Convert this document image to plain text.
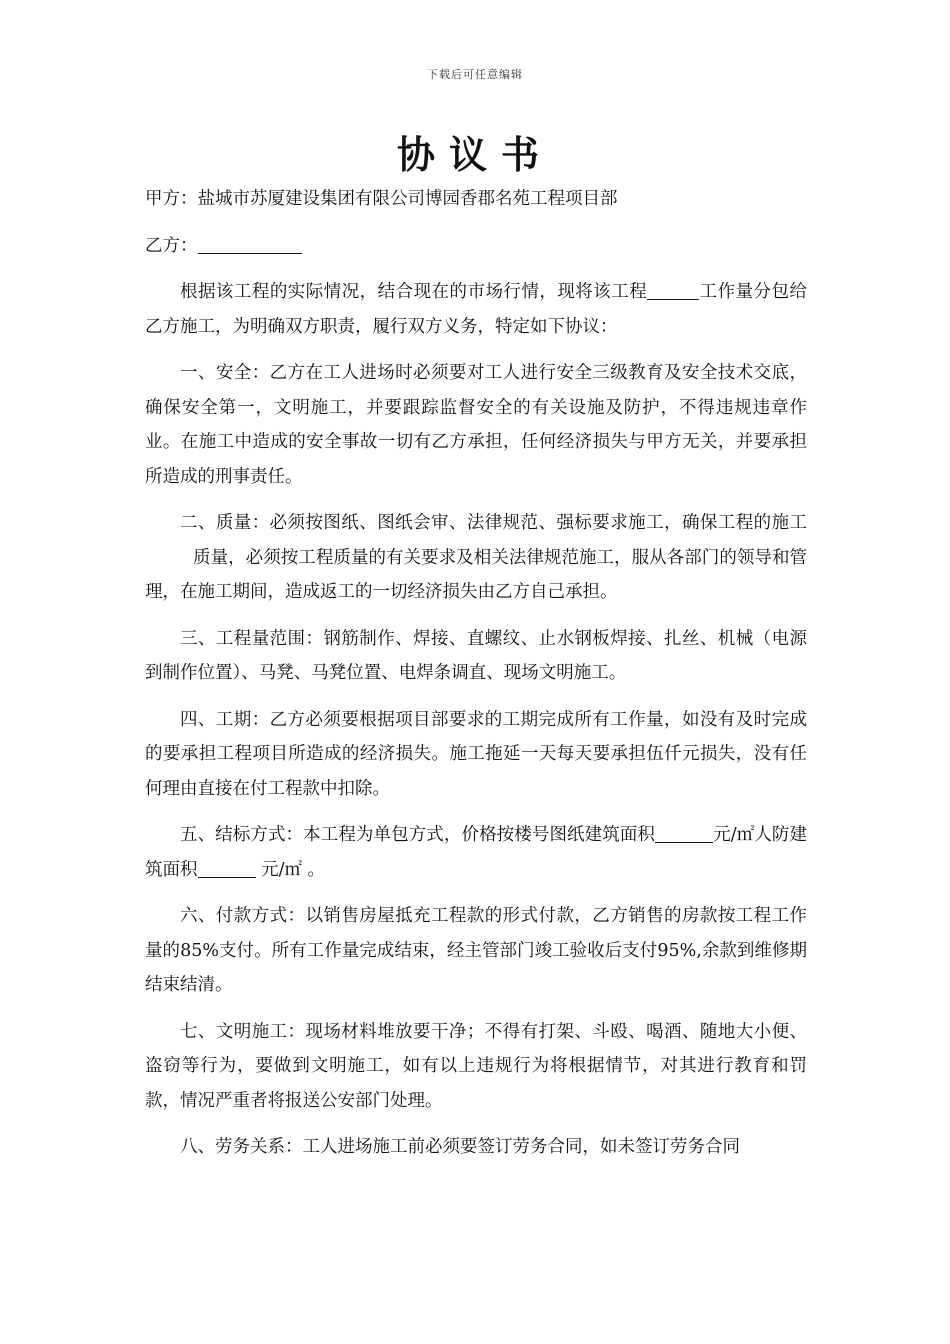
下载后可任意编辑
协议书

甲方：盐城市苏厦建设集团有限公司博园香郡名苑工程项目部

乙方：

根据该工程的实际情况，结合现在的市场行情，现将该工程	工作量分包给乙方施工，为明确双方职责，履行双方义务，特定如下协议：

一、安全：乙方在工人进场时必须要对工人进行安全三级教育及安全技术交底，确保安全第一，文明施工，并要跟踪监督安全的有关设施及防护，不得违规违章作业。在施工中造成的安全事故一切有乙方承担，任何经济损失与甲方无关，并要承担所造成的刑事责任。

二、质量：必须按图纸、图纸会审、法律规范、强标要求施工，确保工程的施工质量，必须按工程质量的有关要求及相关法律规范施工，服从各部门的领导和管理，在施工期间，造成返工的一切经济损失由乙方自己承担。

三、工程量范围：钢筋制作、焊接、直螺纹、止水钢板焊接、扎丝、机械（电源到制作位置）、马凳、马凳位置、电焊条调直、现场文明施工。

四、工期：乙方必须要根据项目部要求的工期完成所有工作量，如没有及时完成的要承担工程项目所造成的经济损失。施工拖延一天每天要承担伍仟元损失，没有任何理由直接在付工程款中扣除。

五、结标方式：本工程为单包方式，价格按楼号图纸建筑面积	元/㎡人防建筑面积	元/㎡ 。

六、付款方式：以销售房屋抵充工程款的形式付款，乙方销售的房款按工程工作量的85%支付。所有工作量完成结束，经主管部门竣工验收后支付95%,余款到维修期结束结清。

七、文明施工：现场材料堆放要干净；不得有打架、斗殴、喝酒、随地大小便、盗窃等行为，要做到文明施工，如有以上违规行为将根据情节，对其进行教育和罚款，情况严重者将报送公安部门处理。

八、劳务关系：工人进场施工前必须要签订劳务合同，如未签订劳务合同
